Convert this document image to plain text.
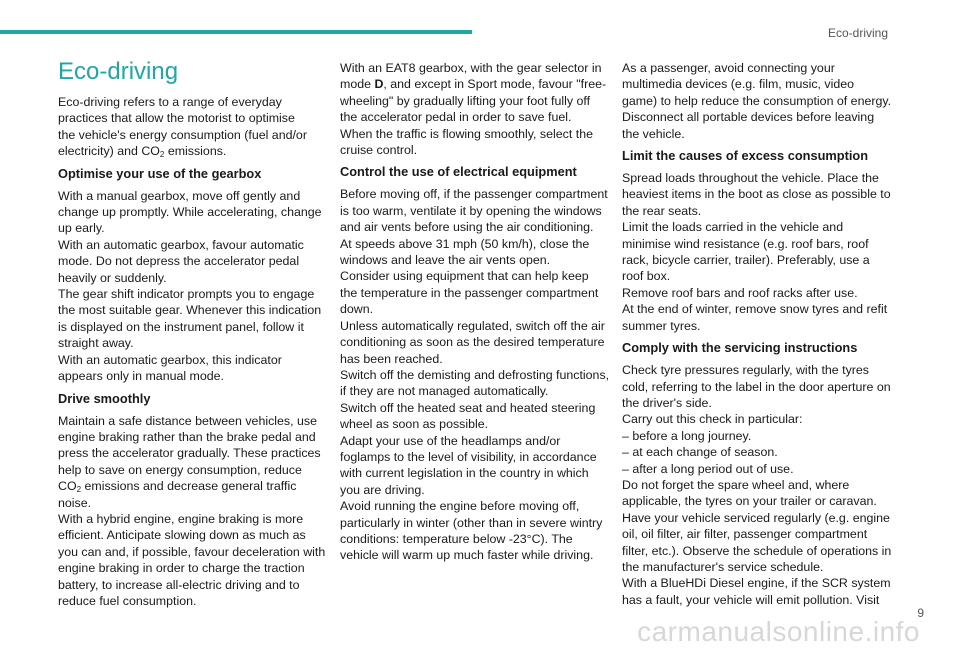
Eco-driving
Eco-driving

Eco-driving refers to a range of everyday
practices that allow the motorist to optimise
the vehicle's energy consumption (fuel and/or
electricity) and $CO_2$ emissions.

Optimise your use of the gearbox

With a manual gearbox, move off gently and
change up promptly. While accelerating, change
up early.
With an automatic gearbox, favour automatic
mode. Do not depress the accelerator pedal
heavily or suddenly.
The gear shift indicator prompts you to engage
the most suitable gear. Whenever this indication
is displayed on the instrument panel, follow it
straight away.
With an automatic gearbox, this indicator
appears only in manual mode.

Drive smoothly

Maintain a safe distance between vehicles, use
engine braking rather than the brake pedal and
press the accelerator gradually. These practices
help to save on energy consumption, reduce
$CO_2$ emissions and decrease general traffic
noise.
With a hybrid engine, engine braking is more
efficient. Anticipate slowing down as much as
you can and, if possible, favour deceleration with
engine braking in order to charge the traction
battery, to increase all-electric driving and to
reduce fuel consumption.

With an EAT8 gearbox, with the gear selector in
mode D, and except in Sport mode, favour "free-
wheeling" by gradually lifting your foot fully off
the accelerator pedal in order to save fuel.
When the traffic is flowing smoothly, select the
cruise control.

Control the use of electrical equipment

Before moving off, if the passenger compartment
is too warm, ventilate it by opening the windows
and air vents before using the air conditioning.
At speeds above 31 mph (50 km/h), close the
windows and leave the air vents open.
Consider using equipment that can help keep
the temperature in the passenger compartment
down.
Unless automatically regulated, switch off the air
conditioning as soon as the desired temperature
has been reached.
Switch off the demisting and defrosting functions,
if they are not managed automatically.
Switch off the heated seat and heated steering
wheel as soon as possible.
Adapt your use of the headlamps and/or
foglamps to the level of visibility, in accordance
with current legislation in the country in which
you are driving.
Avoid running the engine before moving off,
particularly in winter (other than in severe wintry
conditions: temperature below -23°C). The
vehicle will warm up much faster while driving.

As a passenger, avoid connecting your
multimedia devices (e.g. film, music, video
game) to help reduce the consumption of energy.
Disconnect all portable devices before leaving
the vehicle.

Limit the causes of excess consumption

Spread loads throughout the vehicle. Place the
heaviest items in the boot as close as possible to
the rear seats.
Limit the loads carried in the vehicle and
minimise wind resistance (e.g. roof bars, roof
rack, bicycle carrier, trailer). Preferably, use a
roof box.
Remove roof bars and roof racks after use.
At the end of winter, remove snow tyres and refit
summer tyres.

Comply with the servicing instructions

Check tyre pressures regularly, with the tyres
cold, referring to the label in the door aperture on
the driver's side.
Carry out this check in particular:
– before a long journey.
– at each change of season.
– after a long period out of use.
Do not forget the spare wheel and, where
applicable, the tyres on your trailer or caravan.
Have your vehicle serviced regularly (e.g. engine
oil, oil filter, air filter, passenger compartment
filter, etc.). Observe the schedule of operations in
the manufacturer's service schedule.
With a BlueHDi Diesel engine, if the SCR system
has a fault, your vehicle will emit pollution. Visit

9
carmanualsonline.info
